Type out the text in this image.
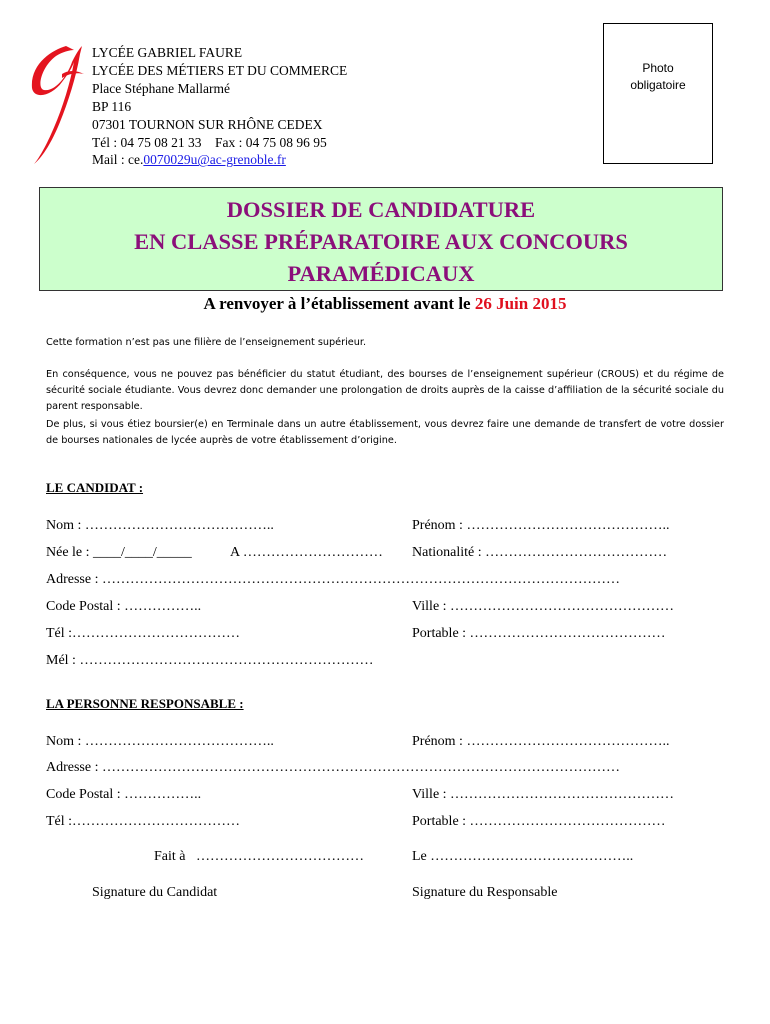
LYCÉE GABRIEL FAURE
LYCÉE DES MÉTIERS ET DU COMMERCE
Place Stéphane Mallarmé
BP 116
07301 TOURNON SUR RHÔNE CEDEX
Tél : 04 75 08 21 33    Fax : 04 75 08 96 95
Mail : ce.0070029u@ac-grenoble.fr
Photo
obligatoire
DOSSIER DE CANDIDATURE
EN CLASSE PRÉPARATOIRE AUX CONCOURS
PARAMÉDICAUX
A renvoyer à l’établissement avant le 26 Juin 2015
Cette formation n’est pas une filière de l’enseignement supérieur.
En conséquence, vous ne pouvez pas bénéficier du statut étudiant, des bourses de l’enseignement supérieur (CROUS) et du régime de sécurité sociale étudiante. Vous devrez donc demander une prolongation de droits auprès de la caisse d’affiliation de la sécurité sociale du parent responsable.
De plus, si vous étiez boursier(e) en Terminale dans un autre établissement, vous devrez faire une demande de transfert de votre dossier de bourses nationales de lycée auprès de votre établissement d’origine.
LE CANDIDAT :
Nom : …………………………………..	Prénom : ……………………………………..
Née le : ____/____/_____	A ………………………… Nationalité : …………………………………
Adresse : …………………………………………………………………………………………………
Code Postal : ……………..	Ville : …………………………………………
Tél :………………………………	Portable : ……………………………………
Mél : ………………………………………………………
LA PERSONNE RESPONSABLE :
Nom : …………………………………..	Prénom : ……………………………………..
Adresse : …………………………………………………………………………………………………
Code Postal : ……………..	Ville : …………………………………………
Tél :………………………………	Portable : ……………………………………
Fait à   ………………………………	Le ……………………………………..
Signature du Candidat	Signature du Responsable
